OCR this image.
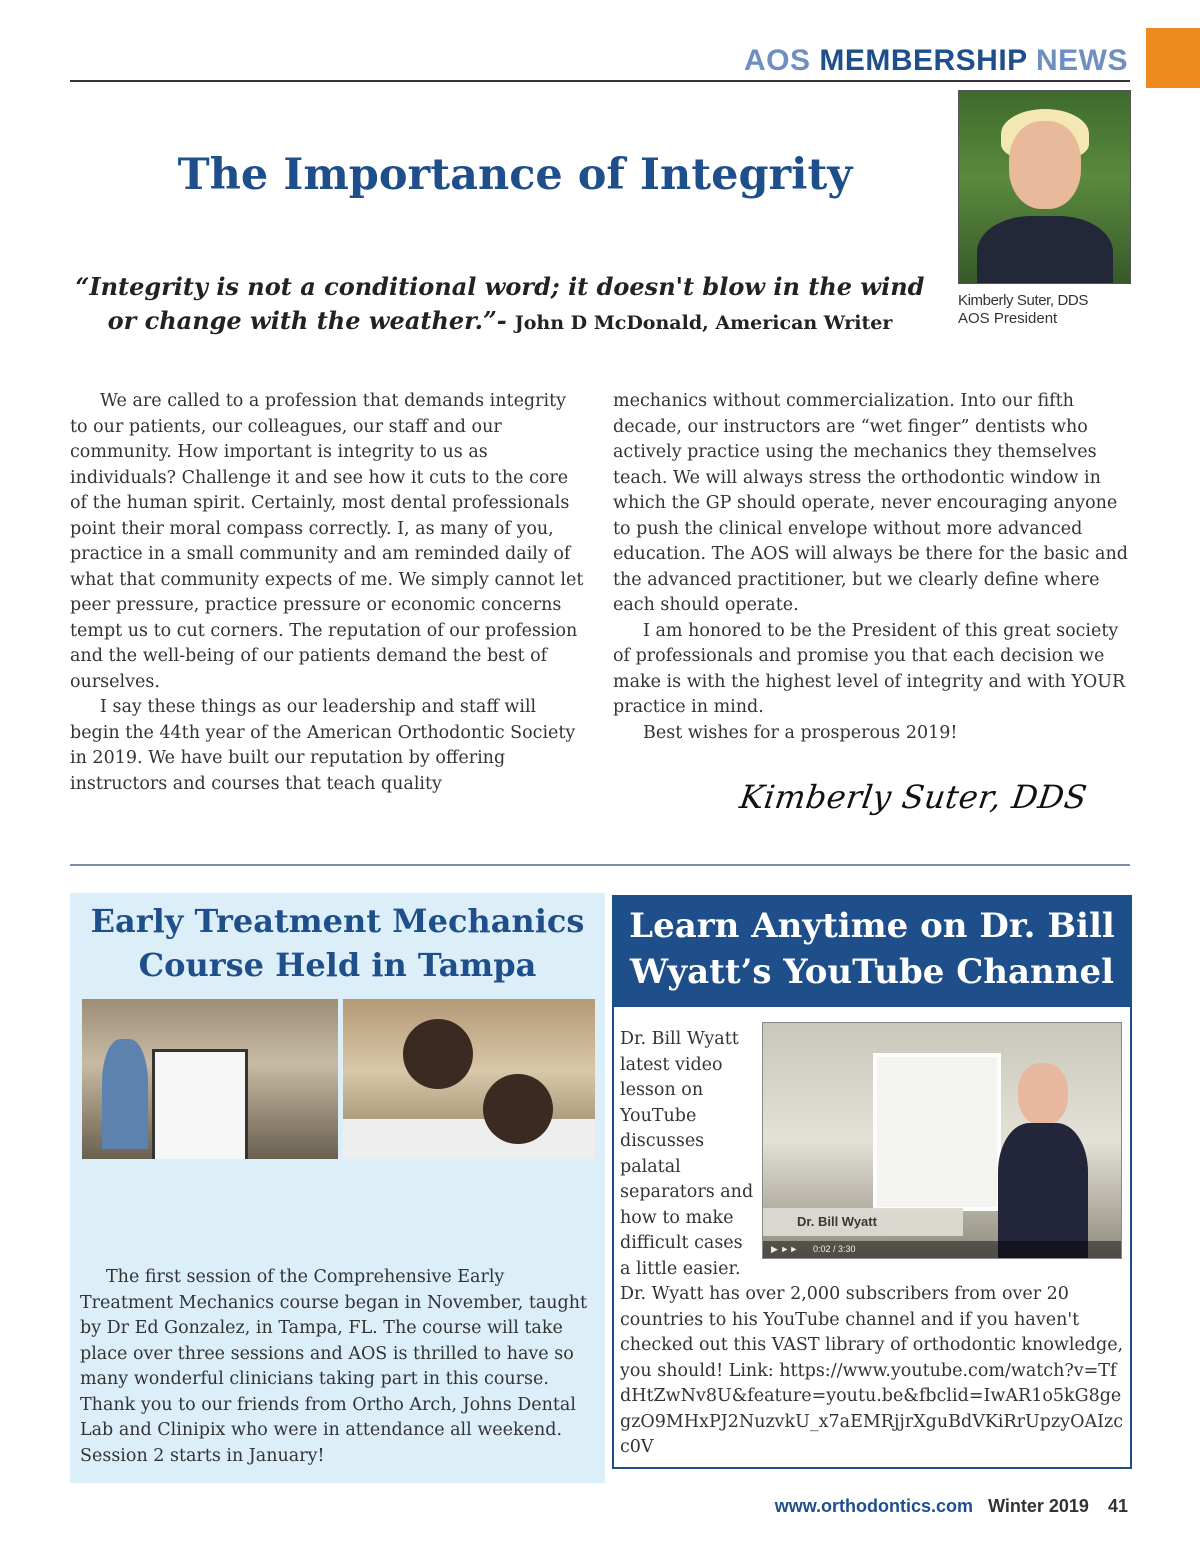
AOS MEMBERSHIP NEWS
Kimberly Suter, DDS
AOS President
The Importance of Integrity
“Integrity is not a conditional word; it doesn't blow in the wind or change with the weather.”- John D McDonald, American Writer

We are called to a profession that demands integrity to our patients, our colleagues, our staff and our community. How important is integrity to us as individuals? Challenge it and see how it cuts to the core of the human spirit. Certainly, most dental professionals point their moral compass correctly. I, as many of you, practice in a small community and am reminded daily of what that community expects of me. We simply cannot let peer pressure, practice pressure or economic concerns tempt us to cut corners. The reputation of our profession and the well-being of our patients demand the best of ourselves.

I say these things as our leadership and staff will begin the 44th year of the American Orthodontic Society in 2019. We have built our reputation by offering instructors and courses that teach quality

mechanics without commercialization. Into our fifth decade, our instructors are “wet finger” dentists who actively practice using the mechanics they themselves teach. We will always stress the orthodontic window in which the GP should operate, never encouraging anyone to push the clinical envelope without more advanced education. The AOS will always be there for the basic and the advanced practitioner, but we clearly define where each should operate.

I am honored to be the President of this great society of professionals and promise you that each decision we make is with the highest level of integrity and with YOUR practice in mind.

Best wishes for a prosperous 2019!

Kimberly Suter, DDS
Early Treatment Mechanics Course Held in Tampa

The first session of the Comprehensive Early Treatment Mechanics course began in November, taught by Dr Ed Gonzalez, in Tampa, FL. The course will take place over three sessions and AOS is thrilled to have so many wonderful clinicians taking part in this course. Thank you to our friends from Ortho Arch, Johns Dental Lab and Clinipix who were in attendance all weekend. Session 2 starts in January!

Learn Anytime on Dr. Bill Wyatt’s YouTube Channel
Dr. Bill Wyatt
▶ ►► 0:02 / 3:30
Dr. Bill Wyatt latest video lesson on YouTube discusses palatal separators and how to make difficult cases a little easier. Dr. Wyatt has over 2,000 subscribers from over 20 countries to his YouTube channel and if you haven't checked out this VAST library of orthodontic knowledge, you should! Link: https://www.youtube.com/watch?v=TfdHtZwNv8U&feature=youtu.be&fbclid=IwAR1o5kG8gegzO9MHxPJ2NuzvkU_x7aEMRjjrXguBdVKiRrUpzyOAIzcc0V
www.orthodontics.com Winter 2019 41
